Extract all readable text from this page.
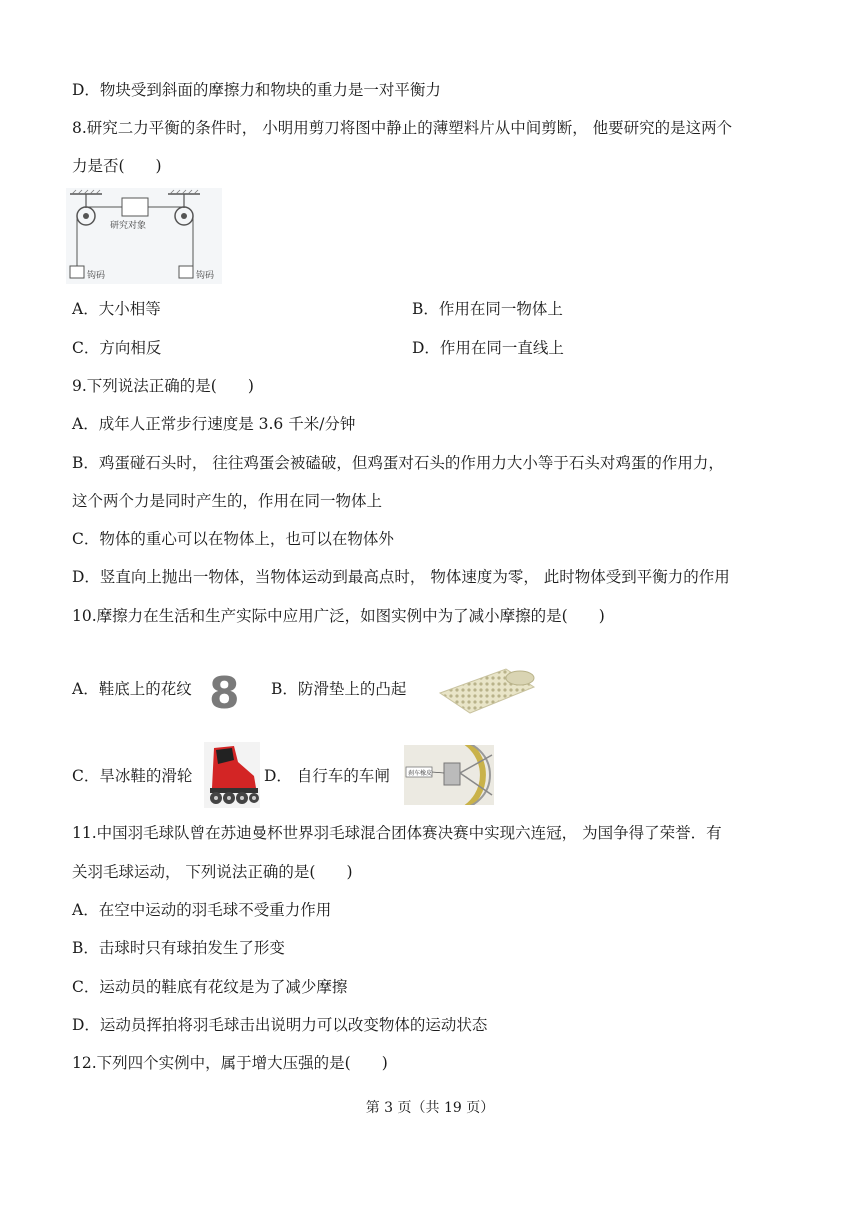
D．物块受到斜面的摩擦力和物块的重力是一对平衡力
8.研究二力平衡的条件时， 小明用剪刀将图中静止的薄塑料片从中间剪断， 他要研究的是这两个
力是否(　　)
研究对象
钩码	钩码
A．大小相等	B．作用在同一物体上
C．方向相反	D．作用在同一直线上
9.下列说法正确的是(　　)
A．成年人正常步行速度是 3.6 千米/分钟
B．鸡蛋碰石头时， 往往鸡蛋会被磕破，但鸡蛋对石头的作用力大小等于石头对鸡蛋的作用力，
这个两个力是同时产生的，作用在同一物体上
C．物体的重心可以在物体上，也可以在物体外
D．竖直向上抛出一物体，当物体运动到最高点时， 物体速度为零， 此时物体受到平衡力的作用
10.摩擦力在生活和生产实际中应用广泛，如图实例中为了减小摩擦的是(　　)
A．鞋底上的花纹 8 B．防滑垫上的凸起
C．旱冰鞋的滑轮	D． 自行车的车闸	刹车橡皮
11.中国羽毛球队曾在苏迪曼杯世界羽毛球混合团体赛决赛中实现六连冠， 为国争得了荣誉．有
关羽毛球运动， 下列说法正确的是(　　)
A．在空中运动的羽毛球不受重力作用
B．击球时只有球拍发生了形变
C．运动员的鞋底有花纹是为了减少摩擦
D．运动员挥拍将羽毛球击出说明力可以改变物体的运动状态
12.下列四个实例中，属于增大压强的是(　　)
第 3 页（共 19 页）
